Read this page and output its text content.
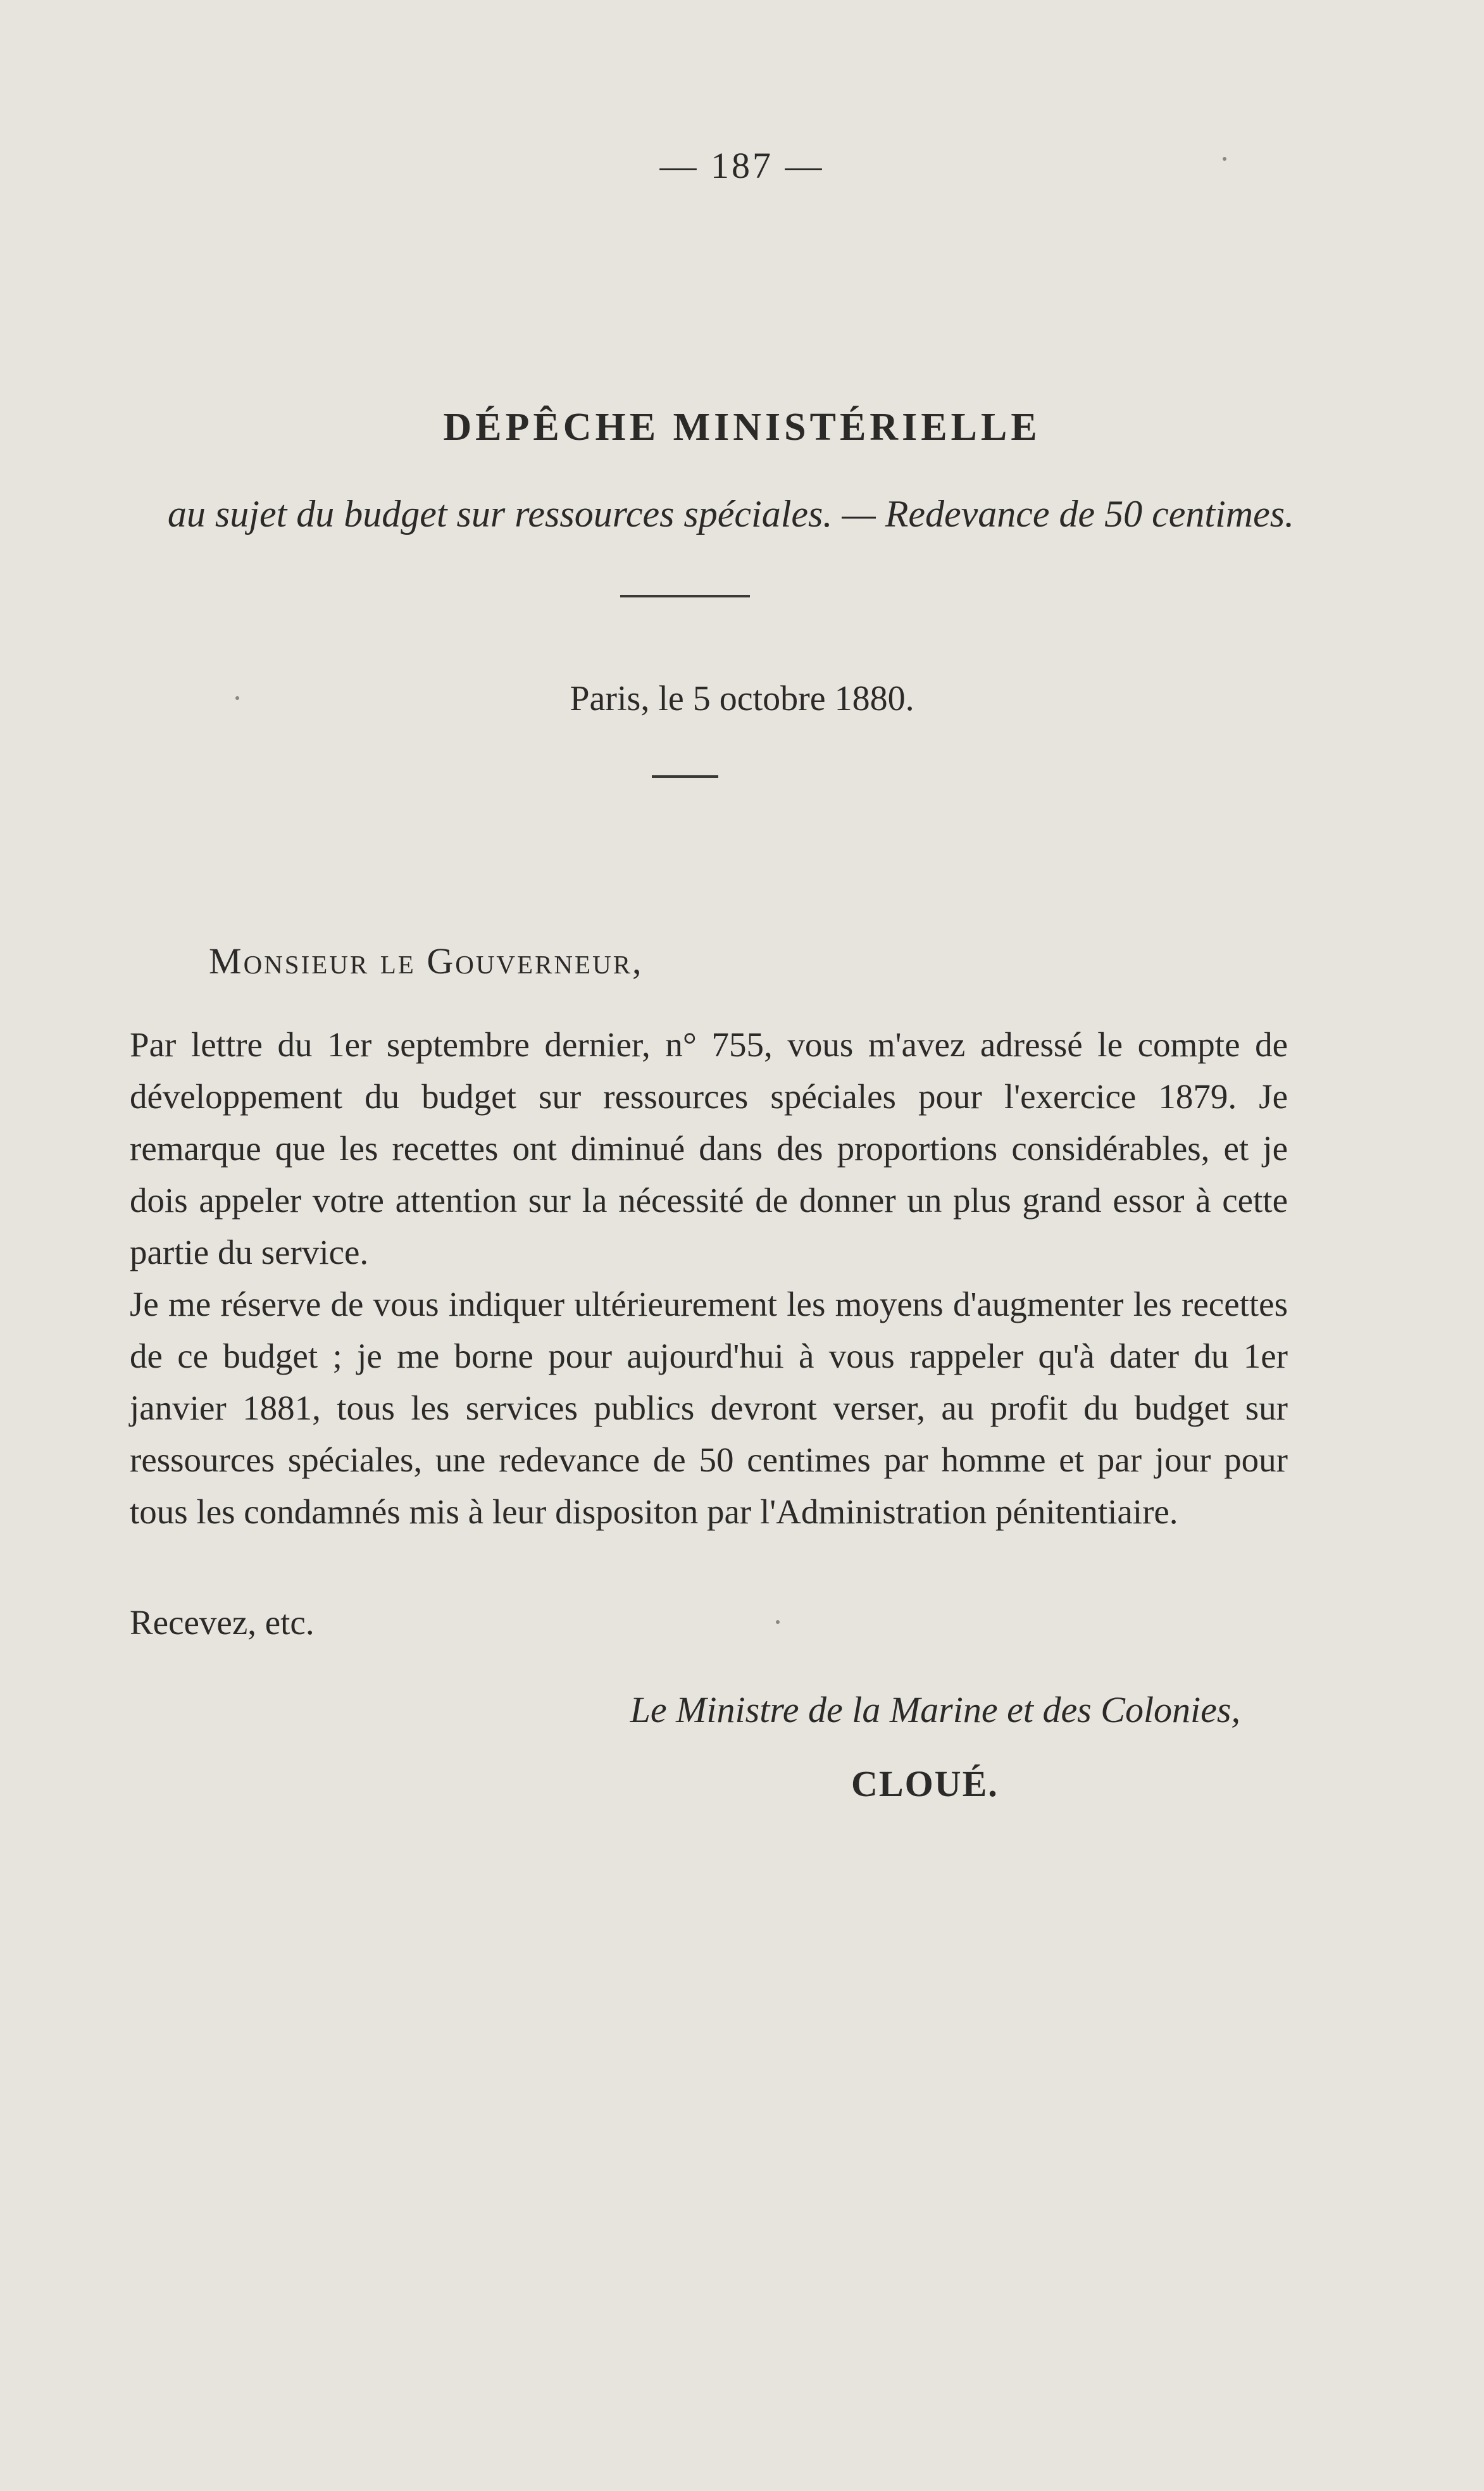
— 187 —
DÉPÊCHE MINISTÉRIELLE
au sujet du budget sur ressources spéciales. — Redevance de 50 centimes.
Paris, le 5 octobre 1880.
Monsieur le Gouverneur,

Par lettre du 1er septembre dernier, n° 755, vous m'avez adressé le compte de développement du budget sur ressources spéciales pour l'exercice 1879. Je remarque que les recettes ont diminué dans des proportions considérables, et je dois appeler votre attention sur la nécessité de donner un plus grand essor à cette partie du service.

Je me réserve de vous indiquer ultérieurement les moyens d'augmenter les recettes de ce budget ; je me borne pour aujourd'hui à vous rappeler qu'à dater du 1er janvier 1881, tous les services publics devront verser, au profit du budget sur ressources spéciales, une redevance de 50 centimes par homme et par jour pour tous les condamnés mis à leur dispositon par l'Administration pénitentiaire.

Recevez, etc.
Le Ministre de la Marine et des Colonies,
CLOUÉ.
